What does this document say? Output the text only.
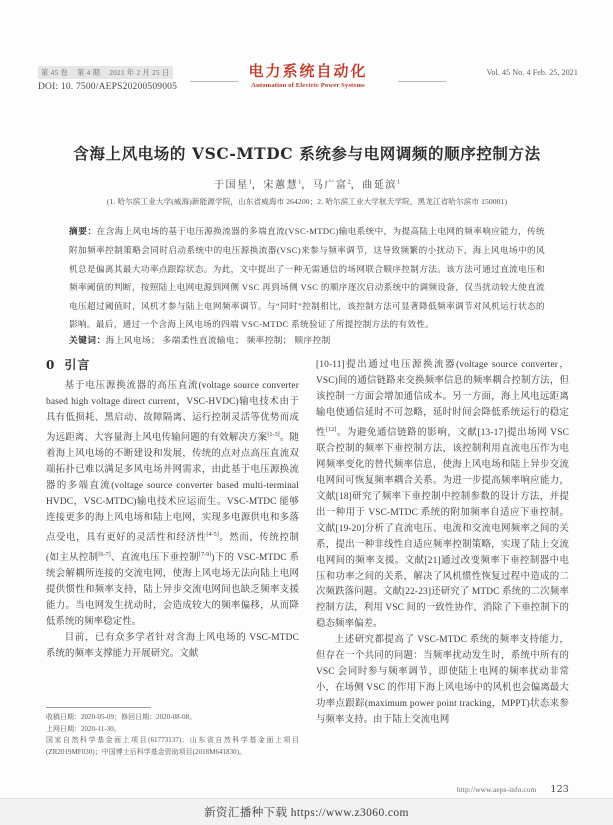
第 45 卷 第 4 期 2021 年 2 月 25 日
DOI: 10. 7500/AEPS20200509005
电力系统自动化
Automation of Electric Power Systems
Vol. 45 No. 4 Feb. 25, 2021
含海上风电场的 VSC-MTDC 系统参与电网调频的顺序控制方法
于国星$^1$，宋蕙慧$^1$，马广富$^2$，曲延滨$^1$
(1. 哈尔滨工业大学(威海)新能源学院，山东省威海市 264200；2. 哈尔滨工业大学航天学院，黑龙江省哈尔滨市 150001)
摘要：在含海上风电场的基于电压源换流器的多端直流(VSC-MTDC)输电系统中，为提高陆上电网的频率响应能力，传统附加频率控制策略会同时启动系统中的电压源换流器(VSC)来参与频率调节，这导致频繁的小扰动下，海上风电场中的风机总是偏离其最大功率点跟踪状态。为此，文中提出了一种无需通信的场网联合顺序控制方法。该方法可通过直流电压和频率阈值的判断，按照陆上电网电源到网侧 VSC 再到场侧 VSC 的顺序逐次启动系统中的调频设备，仅当扰动较大使直流电压超过阈值时，风机才参与陆上电网频率调节。与“同时”控制相比，该控制方法可显著降低频率调节对风机运行状态的影响。最后，通过一个含海上风电场的四端 VSC-MTDC 系统验证了所提控制方法的有效性。
关键词：海上风电场； 多端柔性直流输电； 频率控制； 顺序控制
0 引言

基于电压源换流器的高压直流(voltage source converter based high voltage direct current，VSC-HVDC)输电技术由于具有低损耗、黑启动、故障隔离、运行控制灵活等优势而成为远距离、大容量海上风电传输问题的有效解决方案[1-3]。随着海上风电场的不断建设和发展，传统的点对点高压直流双端拓扑已难以满足多风电场并网需求，由此基于电压源换流器的多端直流(voltage source converter based multi-terminal HVDC，VSC-MTDC)输电技术应运而生。VSC-MTDC 能够连接更多的海上风电场和陆上电网，实现多电源供电和多落点受电，具有更好的灵活性和经济性[4-5]。然而，传统控制(如主从控制[6-7]、直流电压下垂控制[7-9])下的 VSC-MTDC 系统会解耦所连接的交流电网，使海上风电场无法向陆上电网提供惯性和频率支持，陆上异步交流电网间也缺乏频率支援能力。当电网发生扰动时，会造成较大的频率偏移，从而降低系统的频率稳定性。

目前，已有众多学者针对含海上风电场的 VSC-MTDC 系统的频率支撑能力开展研究。文献

[10-11]提出通过电压源换流器(voltage source converter，VSC)间的通信链路来交换频率信息的频率耦合控制方法，但该控制一方面会增加通信成本。另一方面，海上风电远距离输电使通信延时不可忽略，延时时间会降低系统运行的稳定性[12]。为避免通信链路的影响，文献[13-17]提出场网 VSC 联合控制的频率下垂控制方法，该控制利用直流电压作为电网频率变化的替代频率信息，使海上风电场和陆上异步交流电网间可恢复频率耦合关系。为进一步提高频率响应能力，文献[18]研究了频率下垂控制中控制参数的设计方法，并提出一种用于 VSC-MTDC 系统的附加频率自适应下垂控制。文献[19-20]分析了直流电压、电流和交流电网频率之间的关系，提出一种非线性自适应频率控制策略，实现了陆上交流电网间的频率支援。文献[21]通过改变频率下垂控制器中电压和功率之间的关系，解决了风机惯性恢复过程中造成的二次频跌落问题。文献[22-23]还研究了 MTDC 系统的二次频率控制方法，利用 VSC 间的一致性协作，消除了下垂控制下的稳态频率偏差。

上述研究都提高了 VSC-MTDC 系统的频率支持能力，但存在一个共同的问题：当频率扰动发生时，系统中所有的 VSC 会同时参与频率调节，即使陆上电网的频率扰动非常小，在场侧 VSC 的作用下海上风电场中的风机也会偏离最大功率点跟踪(maximum power point tracking，MPPT)状态来参与频率支持。由于陆上交流电网

收稿日期：2020-05-09；修回日期：2020-08-08。
上网日期：2020-11-30。
国家自然科学基金面上项目(61773137)；山东省自然科学基金面上项目(ZR2019MF030)；中国博士后科学基金资助项目(2018M641830)。
http://www.aeps-info.com 123
新资汇播种下载 https://www.z3060.com
